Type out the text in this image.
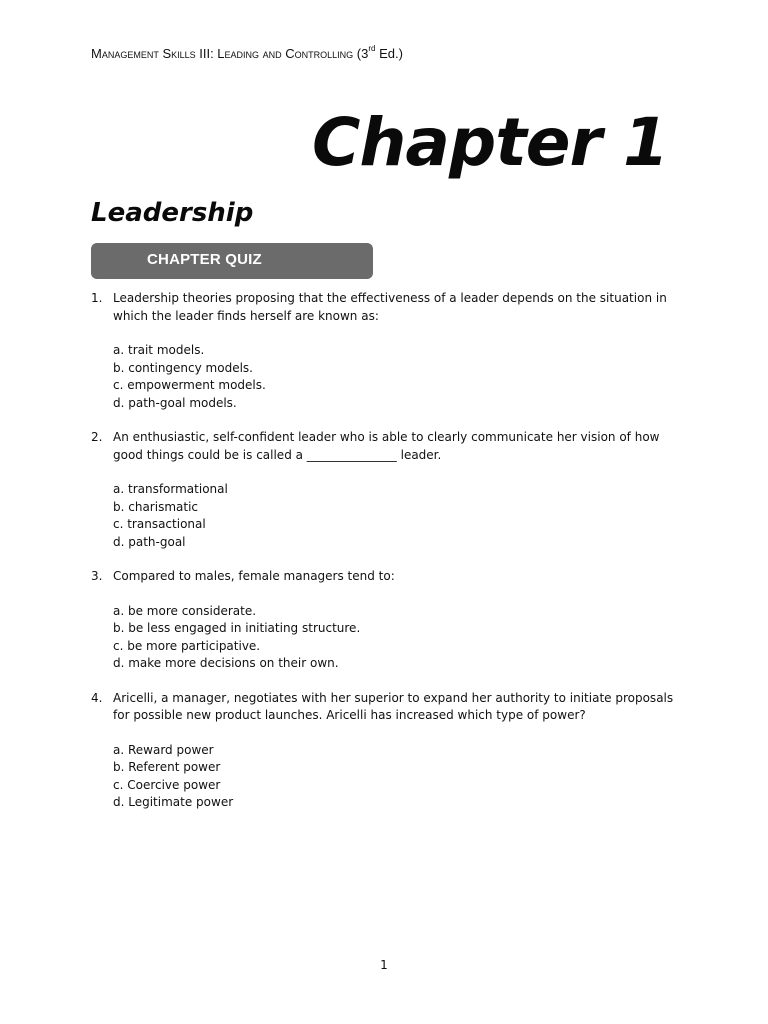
Management Skills III: Leading and Controlling (3rd Ed.)
Chapter 1
Leadership
CHAPTER QUIZ
1. Leadership theories proposing that the effectiveness of a leader depends on the situation in which the leader finds herself are known as:
a. trait models.
b. contingency models.
c. empowerment models.
d. path-goal models.
2. An enthusiastic, self-confident leader who is able to clearly communicate her vision of how good things could be is called a _______________ leader.
a. transformational
b. charismatic
c. transactional
d. path-goal
3. Compared to males, female managers tend to:
a. be more considerate.
b. be less engaged in initiating structure.
c. be more participative.
d. make more decisions on their own.
4. Aricelli, a manager, negotiates with her superior to expand her authority to initiate proposals for possible new product launches. Aricelli has increased which type of power?
a. Reward power
b. Referent power
c. Coercive power
d. Legitimate power
1
